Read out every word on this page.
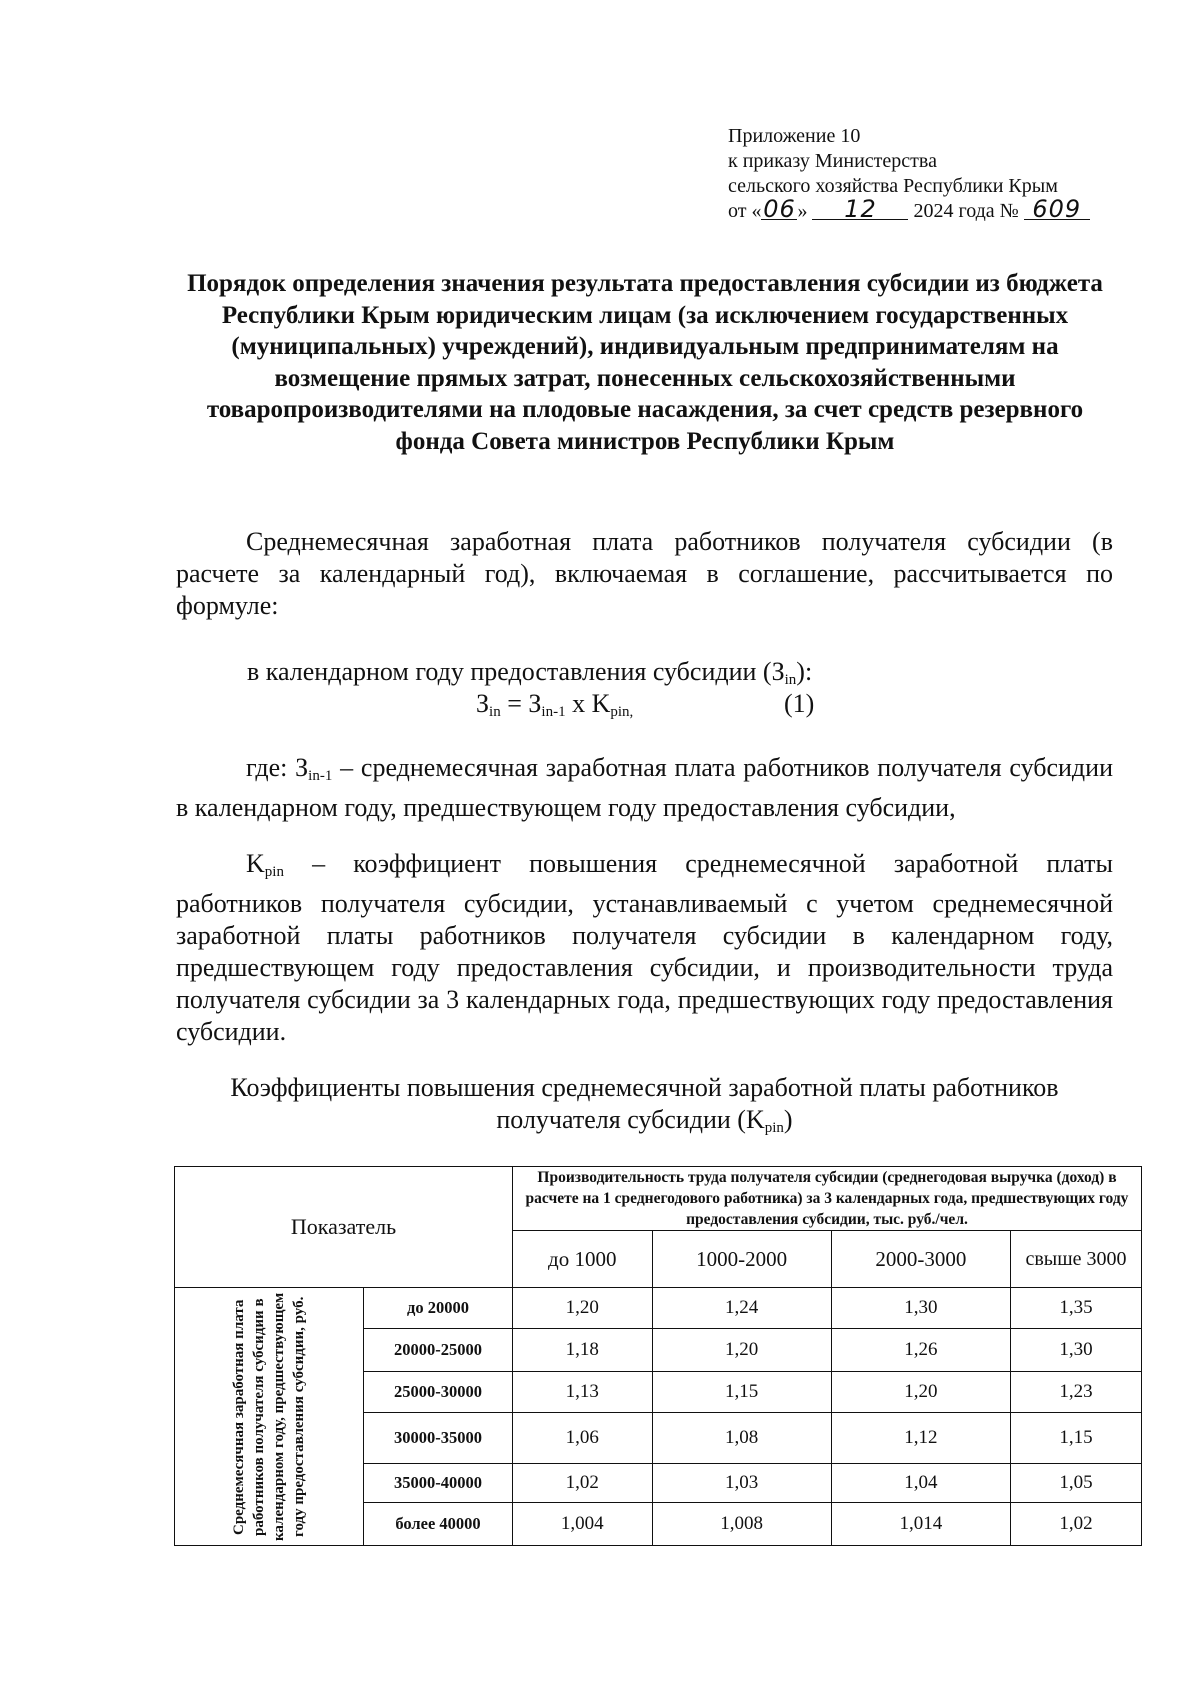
Приложение 10
к приказу Министерства
сельского хозяйства Республики Крым
от «06» 12 2024 года № 609
Порядок определения значения результата предоставления субсидии из бюджета Республики Крым юридическим лицам (за исключением государственных (муниципальных) учреждений), индивидуальным предпринимателям на возмещение прямых затрат, понесенных сельскохозяйственными товаропроизводителями на плодовые насаждения, за счет средств резервного фонда Совета министров Республики Крым
Среднемесячная заработная плата работников получателя субсидии (в расчете за календарный год), включаемая в соглашение, рассчитывается по формуле:
в календарном году предоставления субсидии $(З_{in})$:
$З_{in} = З_{in-1}$ x $K_{pin,}$	(1)
где: $З_{in-1}$ – среднемесячная заработная плата работников получателя субсидии в календарном году, предшествующем году предоставления субсидии,
$K_{pin}$ – коэффициент повышения среднемесячной заработной платы работников получателя субсидии, устанавливаемый с учетом среднемесячной заработной платы работников получателя субсидии в календарном году, предшествующем году предоставления субсидии, и производительности труда получателя субсидии за 3 календарных года, предшествующих году предоставления субсидии.
Коэффициенты повышения среднемесячной заработной платы работников получателя субсидии $(K_{pin})$
Показатель		Производительность труда получателя субсидии (среднегодовая выручка (доход) в расчете на 1 среднегодового работника) за 3 календарных года, предшествующих году предоставления субсидии, тыс. руб./чел.			
		до 1000	1000-2000	2000-3000	свыше 3000

Среднемесячная заработная плата работников получателя субсидии в календарном году, предшествующем году предоставления субсидии, руб.	до 20000	1,20	1,24	1,30	1,35
	20000-25000	1,18	1,20	1,26	1,30
	25000-30000	1,13	1,15	1,20	1,23
	30000-35000	1,06	1,08	1,12	1,15
	35000-40000	1,02	1,03	1,04	1,05
	более 40000	1,004	1,008	1,014	1,02
